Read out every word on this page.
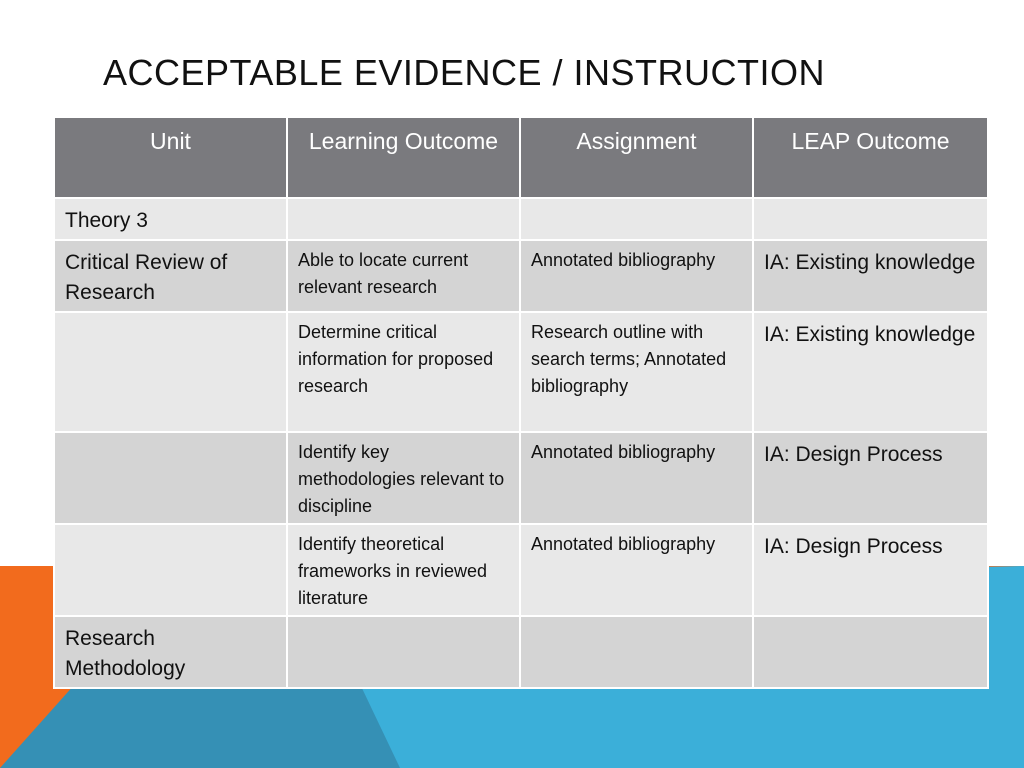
ACCEPTABLE EVIDENCE / INSTRUCTION
Unit	Learning Outcome	Assignment	LEAP Outcome
Theory 3			
Critical Review of Research	Able to locate current relevant research	Annotated bibliography	IA: Existing knowledge
	Determine critical information for proposed research	Research outline with search terms; Annotated bibliography	IA: Existing knowledge
	Identify key methodologies relevant to discipline	Annotated bibliography	IA: Design Process
	Identify theoretical frameworks in reviewed literature	Annotated bibliography	IA: Design Process
Research Methodology			
